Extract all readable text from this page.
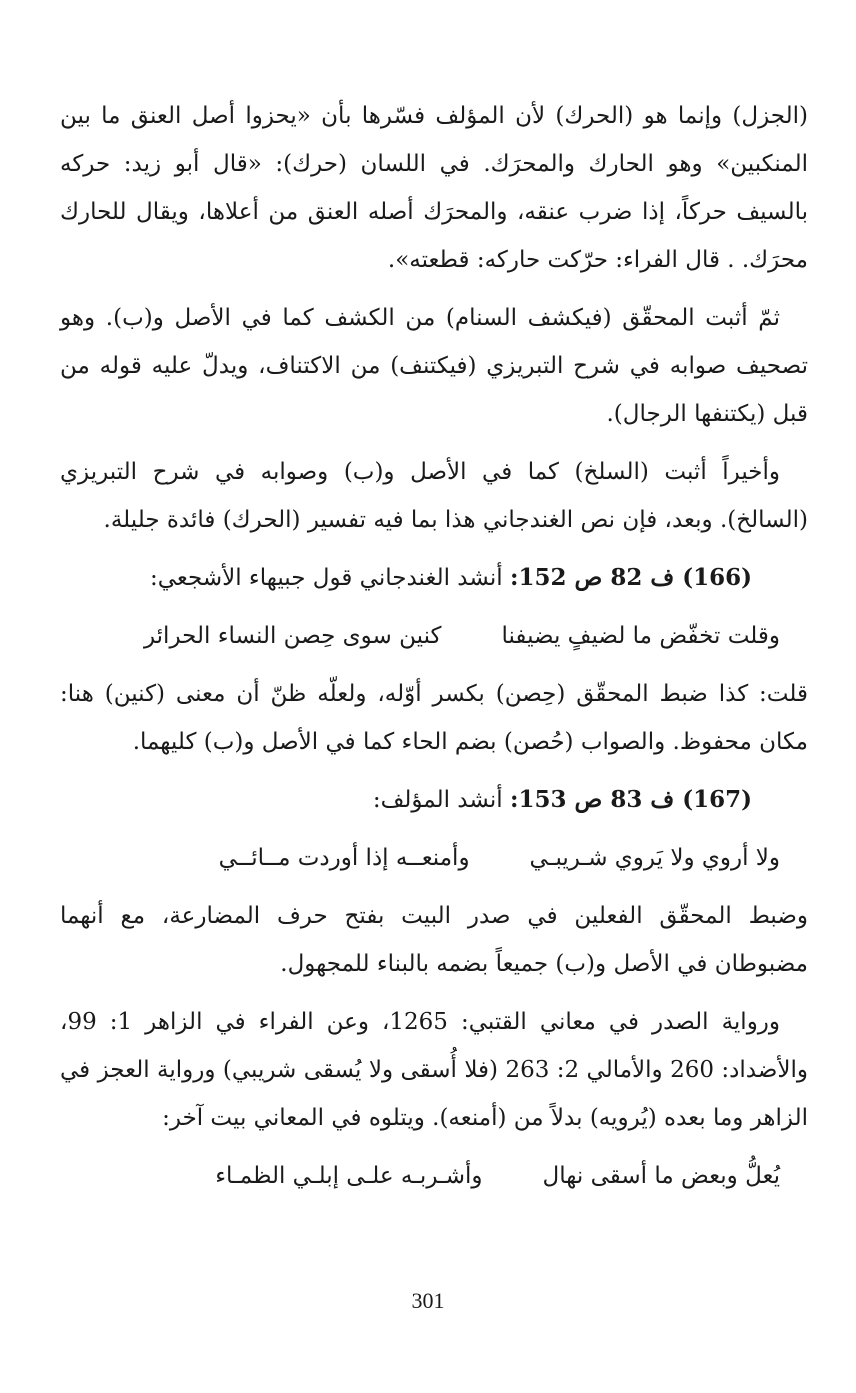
(الجزل) وإنما هو (الحرك) لأن المؤلف فسّرها بأن «يحزوا أصل العنق ما بين المنكبين» وهو الحارك والمحرَك. في اللسان (حرك): «قال أبو زيد: حركه بالسيف حركاً، إذا ضرب عنقه، والمحرَك أصله العنق من أعلاها، ويقال للحارك محرَك. . قال الفراء: حرّكت حاركه: قطعته».

ثمّ أثبت المحقّق (فيكشف السنام) من الكشف كما في الأصل و(ب). وهو تصحيف صوابه في شرح التبريزي (فيكتنف) من الاكتناف، ويدلّ عليه قوله من قبل (يكتنفها الرجال).

وأخيراً أثبت (السلخ) كما في الأصل و(ب) وصوابه في شرح التبريزي (السالخ). وبعد، فإن نص الغندجاني هذا بما فيه تفسير (الحرك) فائدة جليلة.

(166) ف 82 ص 152: أنشد الغندجاني قول جبيهاء الأشجعي:

وقلت تخفّض ما لضيفٍ يضيفنا
كنين سوى حِصن النساء الحرائر

قلت: كذا ضبط المحقّق (حِصن) بكسر أوّله، ولعلّه ظنّ أن معنى (كنين) هنا: مكان محفوظ. والصواب (حُصن) بضم الحاء كما في الأصل و(ب) كليهما.

(167) ف 83 ص 153: أنشد المؤلف:

ولا أروي ولا يَروي شـريبـي
وأمنعــه إذا أوردت مــائــي

وضبط المحقّق الفعلين في صدر البيت بفتح حرف المضارعة، مع أنهما مضبوطان في الأصل و(ب) جميعاً بضمه بالبناء للمجهول.

ورواية الصدر في معاني القتبي: 1265، وعن الفراء في الزاهر 1: 99، والأضداد: 260 والأمالي 2: 263 (فلا أُسقى ولا يُسقى شريبي) ورواية العجز في الزاهر وما بعده (يُرويه) بدلاً من (أمنعه). ويتلوه في المعاني بيت آخر:

يُعلُّ وبعض ما أسقى نهال
وأشـربـه علـى إبلـي الظمـاء
301
